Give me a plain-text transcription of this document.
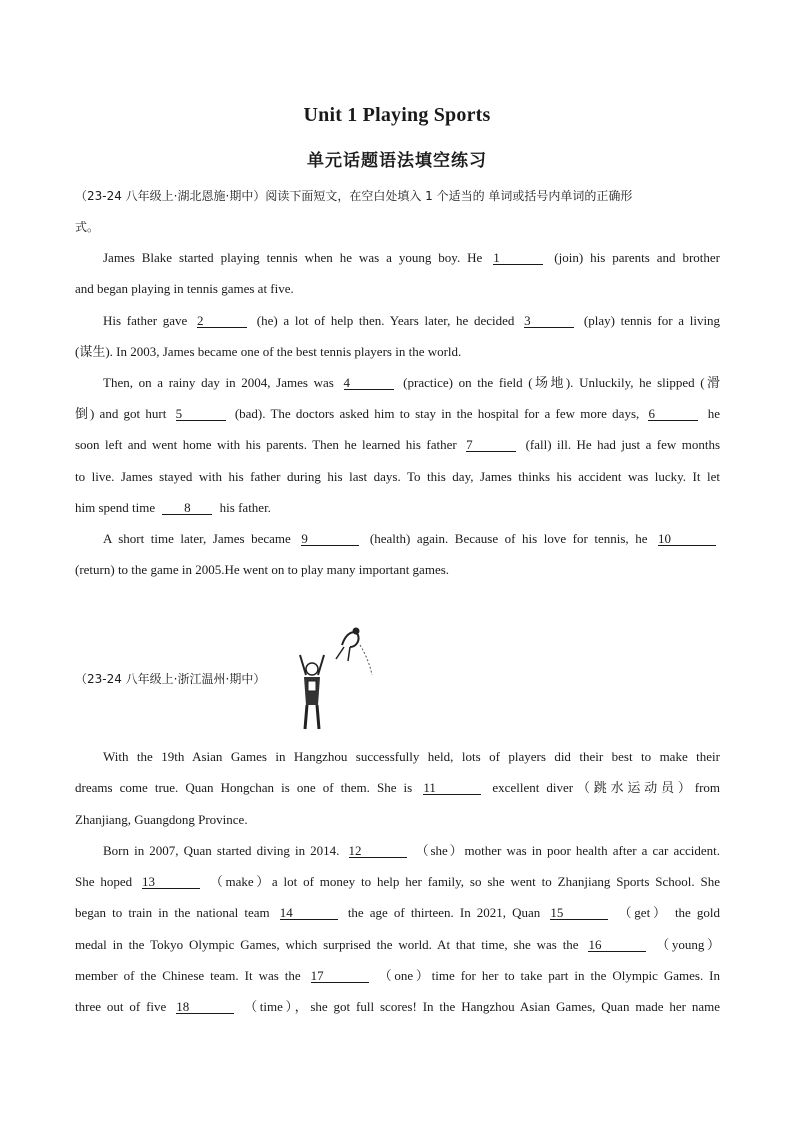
Unit 1 Playing Sports
单元话题语法填空练习
（23-24 八年级上·湖北恩施·期中）阅读下面短文，在空白处填入 1 个适当的 单词或括号内单词的正确形
式。
James Blake started playing tennis when he was a young boy. He 1	(join) his parents and brother
and began playing in tennis games at five.
His father gave 2	(he) a lot of help then. Years later, he decided 3	(play) tennis for a living
(谋生). In 2003, James became one of the best tennis players in the world.
Then, on a rainy day in 2004, James was 4	(practice) on the field (场地). Unluckily, he slipped (滑
倒) and got hurt 5	(bad). The doctors asked him to stay in the hospital for a few more days, 6	he
soon left and went home with his parents. Then he learned his father 7	(fall) ill. He had just a few months
to live. James stayed with his father during his last days. To this day, James thinks his accident was lucky. It let
him spend time 8 his father.
A short time later, James became 9	(health) again. Because of his love for tennis, he 10
(return) to the game in 2005.He went on to play many important games.
（23-24 八年级上·浙江温州·期中）
With the 19th Asian Games in Hangzhou successfully held, lots of players did their best to make their
dreams come true. Quan Hongchan is one of them. She is 11	excellent diver（跳水运动员）from
Zhanjiang, Guangdong Province.
Born in 2007, Quan started diving in 2014. 12	（she）mother was in poor health after a car accident.
She hoped 13	（make）a lot of money to help her family, so she went to Zhanjiang Sports School. She
began to train in the national team 14	the age of thirteen. In 2021, Quan 15	（get） the gold
medal in the Tokyo Olympic Games, which surprised the world. At that time, she was the 16	（young）
member of the Chinese team. It was the 17	（one）time for her to take part in the Olympic Games. In
three out of five 18	（time），she got full scores! In the Hangzhou Asian Games, Quan made her name
